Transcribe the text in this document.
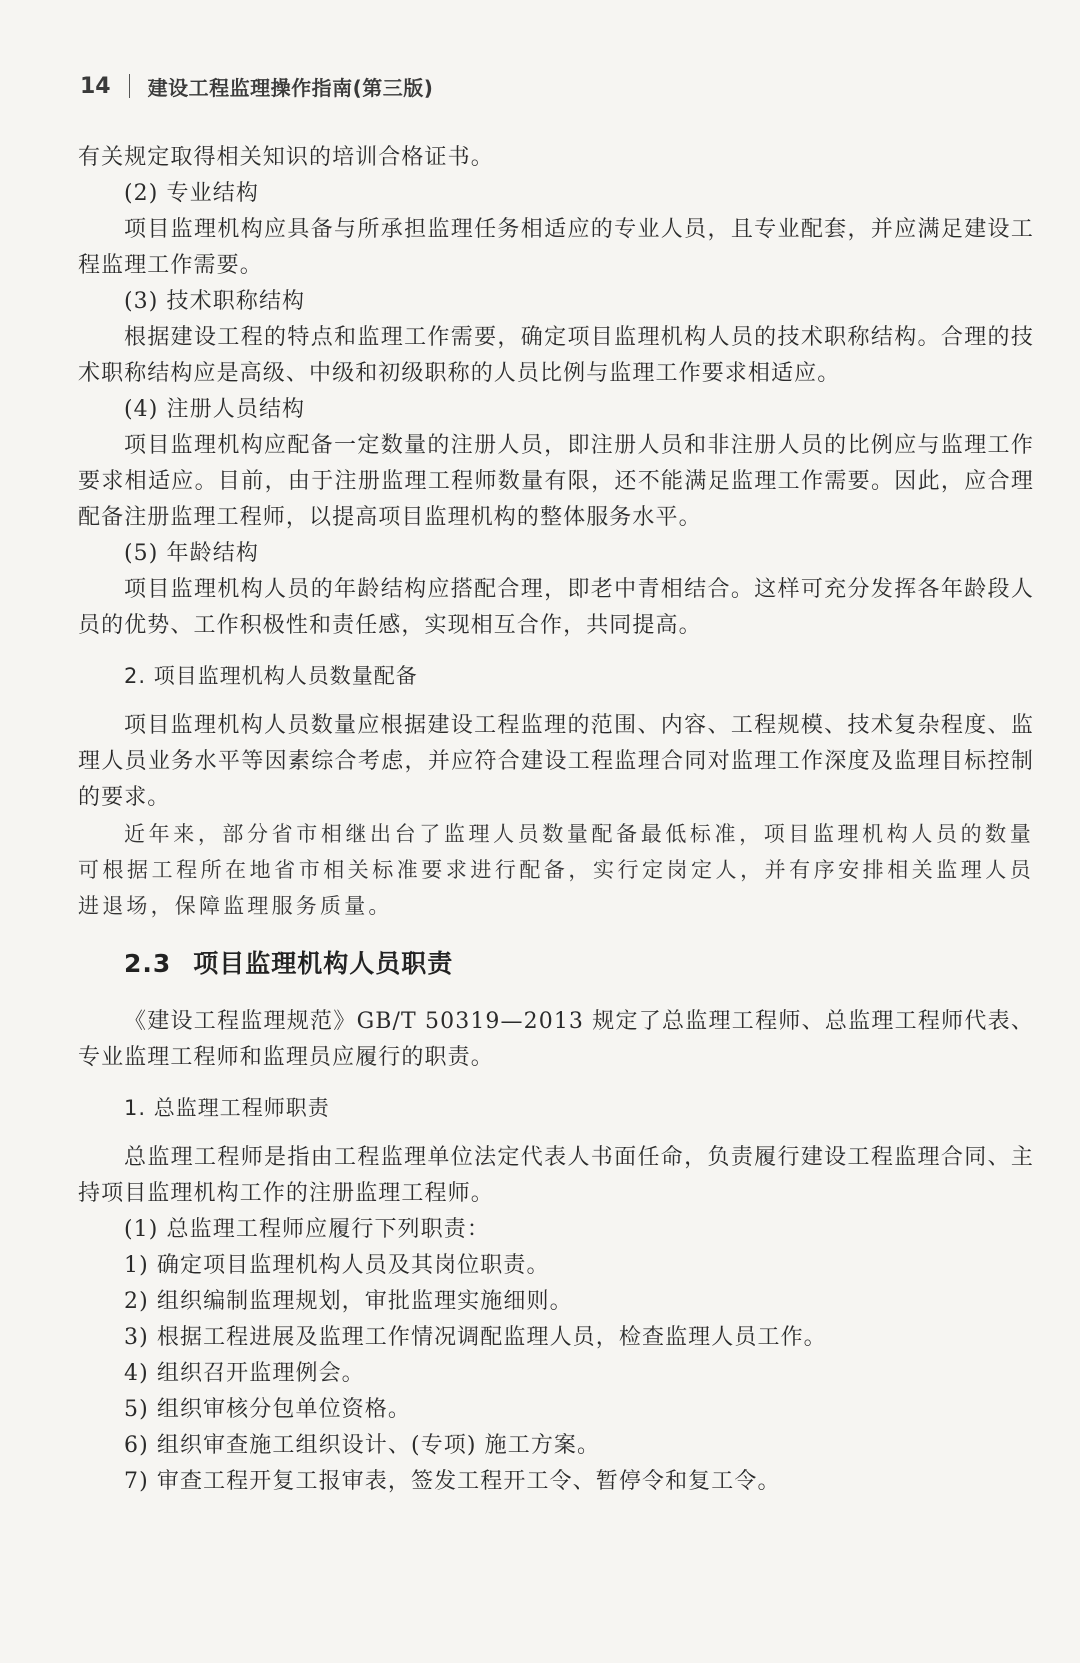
14 建设工程监理操作指南(第三版)

有关规定取得相关知识的培训合格证书。

(2) 专业结构

项目监理机构应具备与所承担监理任务相适应的专业人员，且专业配套，并应满足建设工程监理工作需要。

(3) 技术职称结构

根据建设工程的特点和监理工作需要，确定项目监理机构人员的技术职称结构。合理的技术职称结构应是高级、中级和初级职称的人员比例与监理工作要求相适应。

(4) 注册人员结构

项目监理机构应配备一定数量的注册人员，即注册人员和非注册人员的比例应与监理工作要求相适应。目前，由于注册监理工程师数量有限，还不能满足监理工作需要。因此，应合理配备注册监理工程师，以提高项目监理机构的整体服务水平。

(5) 年龄结构

项目监理机构人员的年龄结构应搭配合理，即老中青相结合。这样可充分发挥各年龄段人员的优势、工作积极性和责任感，实现相互合作，共同提高。

2. 项目监理机构人员数量配备

项目监理机构人员数量应根据建设工程监理的范围、内容、工程规模、技术复杂程度、监理人员业务水平等因素综合考虑，并应符合建设工程监理合同对监理工作深度及监理目标控制的要求。

近年来，部分省市相继出台了监理人员数量配备最低标准，项目监理机构人员的数量可根据工程所在地省市相关标准要求进行配备，实行定岗定人，并有序安排相关监理人员进退场，保障监理服务质量。

2.3 项目监理机构人员职责

《建设工程监理规范》GB/T 50319—2013 规定了总监理工程师、总监理工程师代表、专业监理工程师和监理员应履行的职责。

1. 总监理工程师职责

总监理工程师是指由工程监理单位法定代表人书面任命，负责履行建设工程监理合同、主持项目监理机构工作的注册监理工程师。

(1) 总监理工程师应履行下列职责：

1) 确定项目监理机构人员及其岗位职责。

2) 组织编制监理规划，审批监理实施细则。

3) 根据工程进展及监理工作情况调配监理人员，检查监理人员工作。

4) 组织召开监理例会。

5) 组织审核分包单位资格。

6) 组织审查施工组织设计、(专项) 施工方案。

7) 审查工程开复工报审表，签发工程开工令、暂停令和复工令。
